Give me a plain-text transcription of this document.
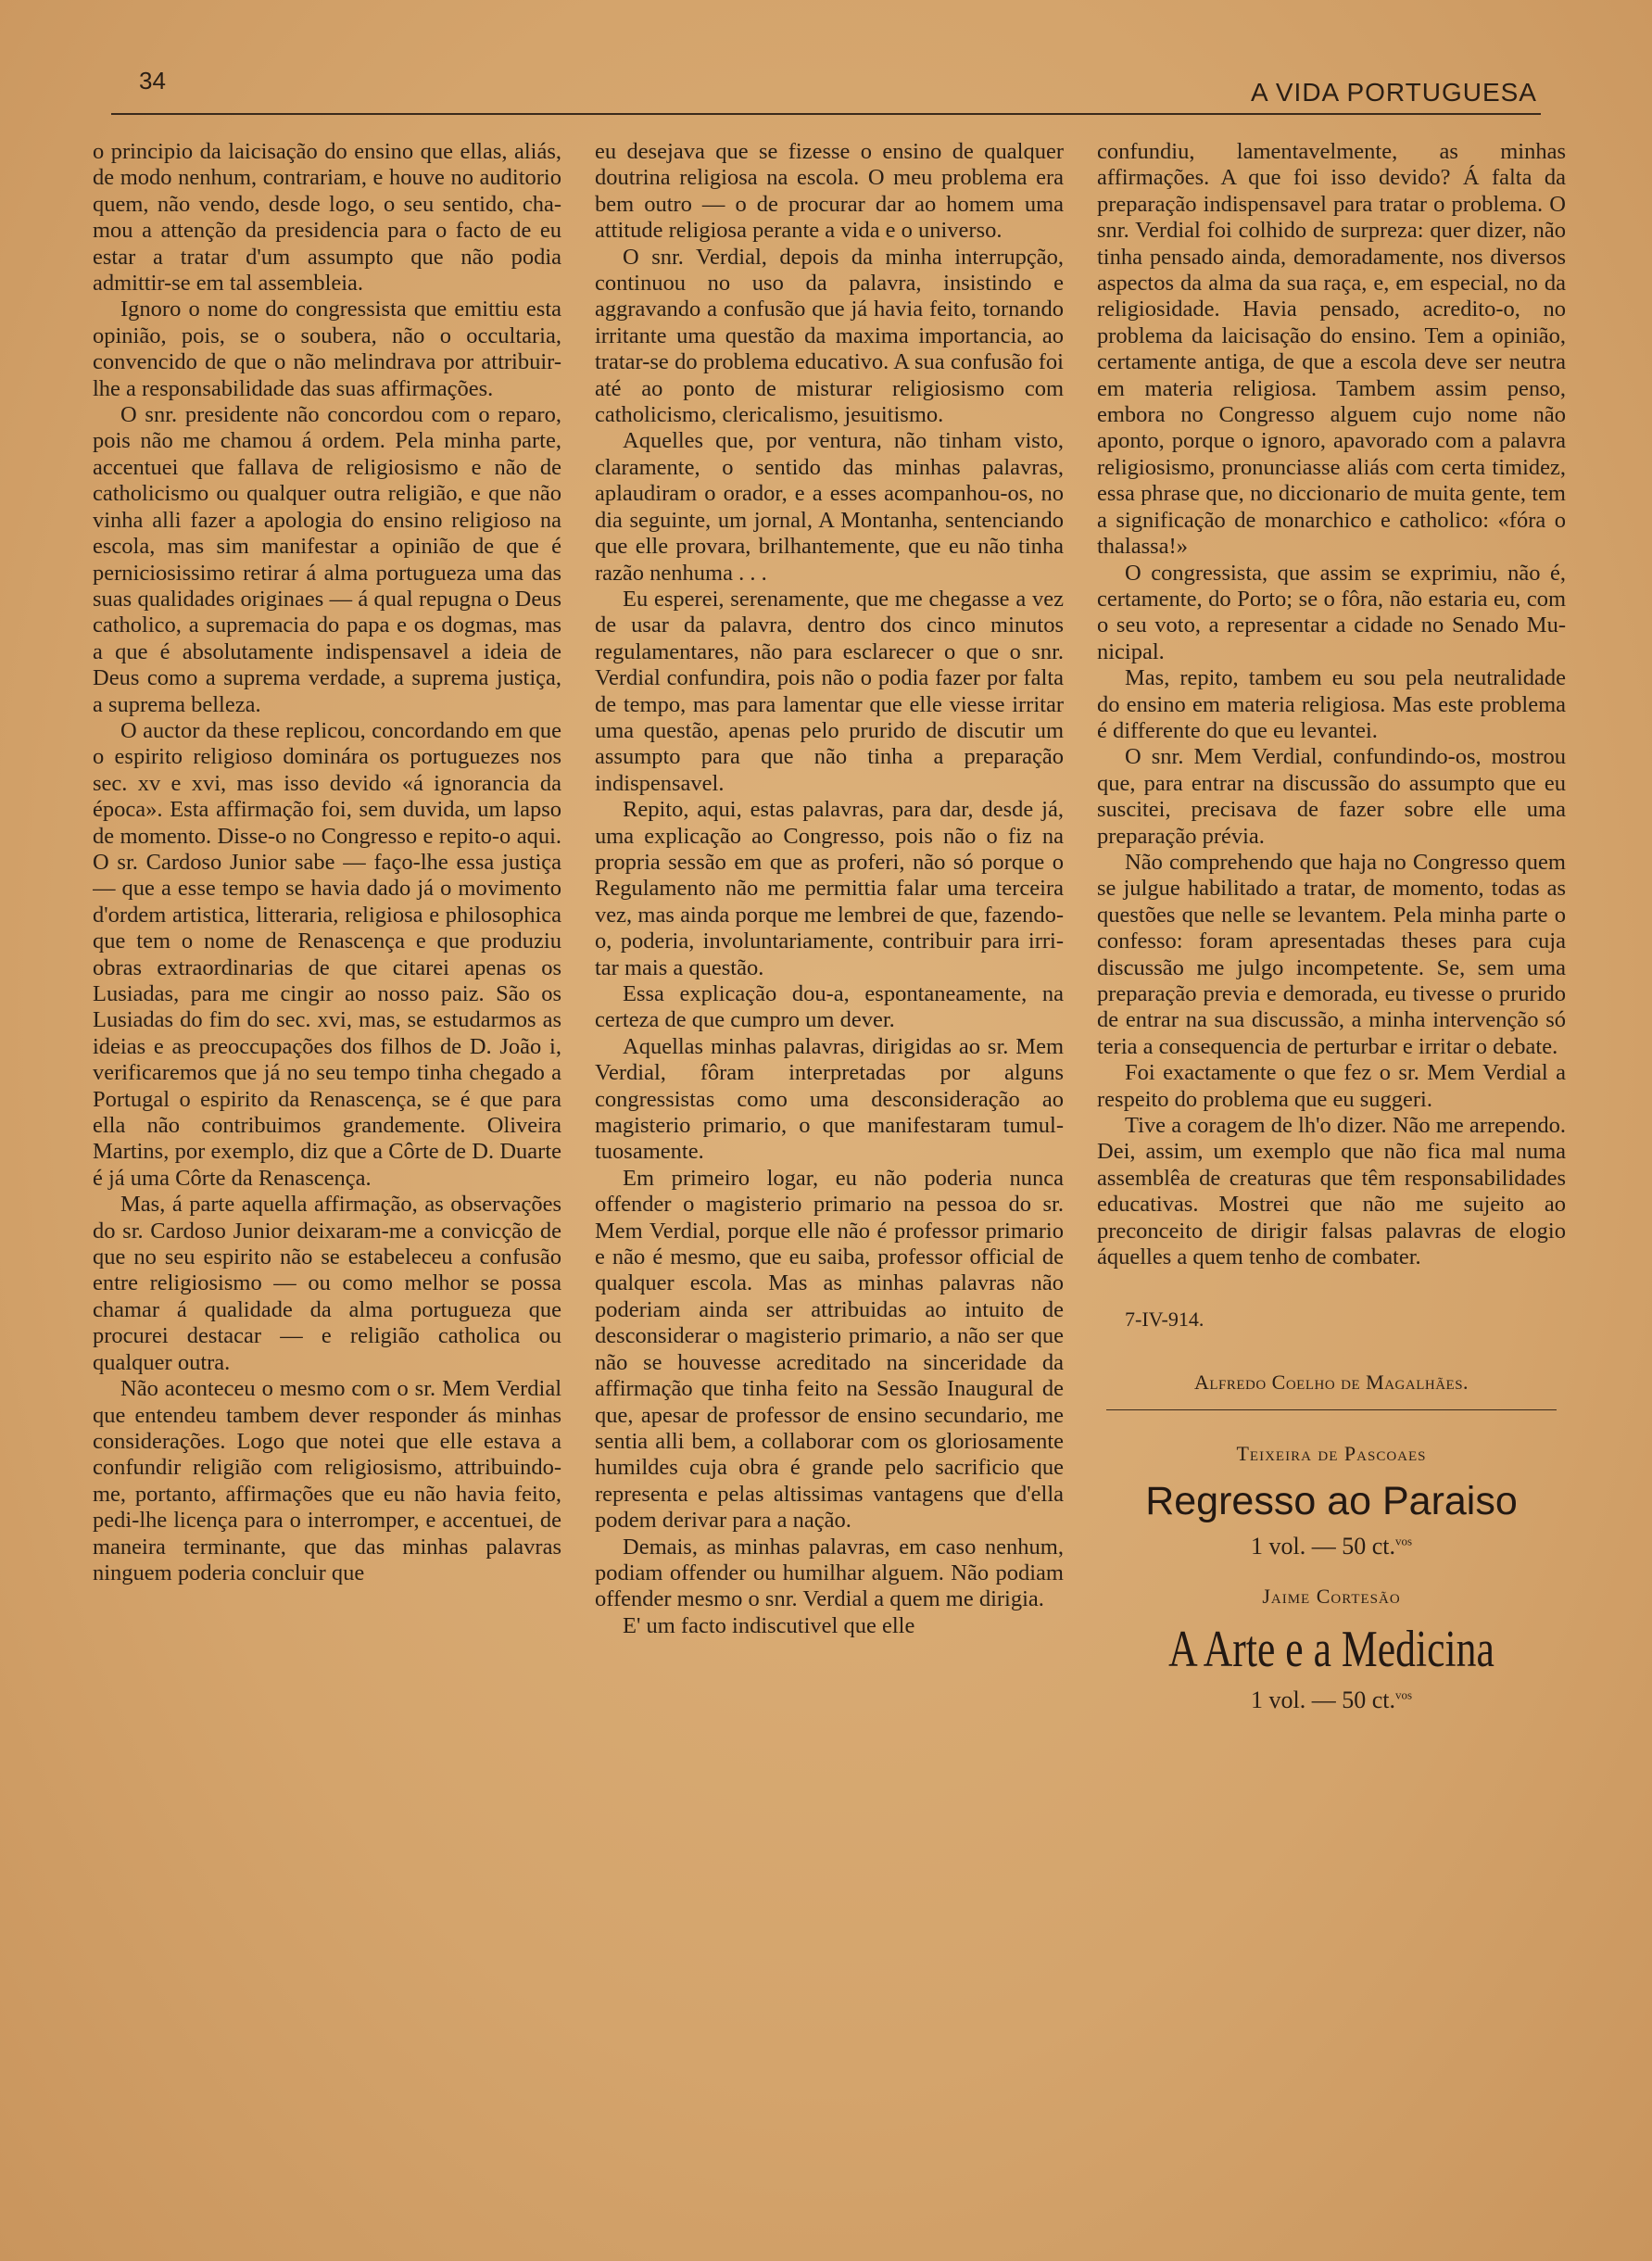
34	A VIDA PORTUGUESA

o principio da laicisação do ensino que ellas, aliás, de modo nenhum, contrariam, e houve no auditorio quem, não vendo, desde logo, o seu sentido, chamou a attenção da presidencia para o facto de eu estar a tratar d'um assumpto que não podia admittir-se em tal assembleia.

Ignoro o nome do congressista que emittiu esta opinião, pois, se o soubera, não o occultaria, convencido de que o não melindrava por attribuir-lhe a responsabilidade das suas affirmações.

O snr. presidente não concordou com o reparo, pois não me chamou á ordem. Pela minha parte, accentuei que fallava de religiosismo e não de catholicismo ou qualquer outra religião, e que não vinha alli fazer a apologia do ensino religioso na escola, mas sim manifestar a opinião de que é perniciosissimo retirar á alma portugueza uma das suas qualidades originaes — á qual repugna o Deus catholico, a supremacia do papa e os dogmas, mas a que é absolutamente indispensavel a ideia de Deus como a suprema verdade, a suprema justiça, a suprema belleza.

O auctor da these replicou, concordando em que o espirito religioso dominára os portuguezes nos sec. xv e xvi, mas isso devido «á ignorancia da época». Esta affirmação foi, sem duvida, um lapso de momento. Disse-o no Congresso e repito-o aqui. O sr. Cardoso Junior sabe — faço-lhe essa justiça — que a esse tempo se havia dado já o movimento d'ordem artistica, litteraria, religiosa e philosophica que tem o nome de Renascença e que produziu obras extraordinarias de que citarei apenas os Lusiadas, para me cingir ao nosso paiz. São os Lusiadas do fim do sec. xvi, mas, se estudarmos as ideias e as preoccupações dos filhos de D. João i, verificaremos que já no seu tempo tinha chegado a Portugal o espirito da Renascença, se é que para ella não contribuimos grandemente. Oliveira Martins, por exemplo, diz que a Côrte de D. Duarte é já uma Côrte da Renascença.

Mas, á parte aquella affirmação, as observações do sr. Cardoso Junior deixaram-me a convicção de que no seu espirito não se estabeleceu a confusão entre religiosismo — ou como melhor se possa chamar á qualidade da alma portugueza que procurei destacar — e religião catholica ou qualquer outra.

Não aconteceu o mesmo com o sr. Mem Verdial que entendeu tambem dever responder ás minhas considerações. Logo que notei que elle estava a confundir religião com religiosismo, attribuindo-me, portanto, affirmações que eu não havia feito, pedi-lhe licença para o interromper, e accentuei, de maneira terminante, que das minhas palavras ninguem poderia concluir que

eu desejava que se fizesse o ensino de qualquer doutrina religiosa na escola. O meu problema era bem outro — o de procurar dar ao homem uma attitude religiosa perante a vida e o universo.

O snr. Verdial, depois da minha interrupção, continuou no uso da palavra, insistindo e aggravando a confusão que já havia feito, tornando irritante uma questão da maxima importancia, ao tratar-se do problema educativo. A sua confusão foi até ao ponto de misturar religiosismo com catholicismo, clericalismo, jesuitismo.

Aquelles que, por ventura, não tinham visto, claramente, o sentido das minhas palavras, aplaudiram o orador, e a esses acompanhou-os, no dia seguinte, um jornal, A Montanha, sentenciando que elle provara, brilhantemente, que eu não tinha razão nenhuma . . .

Eu esperei, serenamente, que me chegasse a vez de usar da palavra, dentro dos cinco minutos regulamentares, não para esclarecer o que o snr. Verdial confundira, pois não o podia fazer por falta de tempo, mas para lamentar que elle viesse irritar uma questão, apenas pelo prurido de discutir um assumpto para que não tinha a preparação indispensavel.

Repito, aqui, estas palavras, para dar, desde já, uma explicação ao Congresso, pois não o fiz na propria sessão em que as proferi, não só porque o Regulamento não me permittia falar uma terceira vez, mas ainda porque me lembrei de que, fazendo-o, poderia, involuntariamente, contribuir para irritar mais a questão.

Essa explicação dou-a, espontaneamente, na certeza de que cumpro um dever.

Aquellas minhas palavras, dirigidas ao sr. Mem Verdial, fôram interpretadas por alguns congressistas como uma desconsideração ao magisterio primario, o que manifestaram tumultuosamente.

Em primeiro logar, eu não poderia nunca offender o magisterio primario na pessoa do sr. Mem Verdial, porque elle não é professor primario e não é mesmo, que eu saiba, professor official de qualquer escola. Mas as minhas palavras não poderiam ainda ser attribuidas ao intuito de desconsiderar o magisterio primario, a não ser que não se houvesse acreditado na sinceridade da affirmação que tinha feito na Sessão Inaugural de que, apesar de professor de ensino secundario, me sentia alli bem, a collaborar com os gloriosamente humildes cuja obra é grande pelo sacrificio que representa e pelas altissimas vantagens que d'ella podem derivar para a nação.

Demais, as minhas palavras, em caso nenhum, podiam offender ou humilhar alguem. Não podiam offender mesmo o snr. Verdial a quem me dirigia.

E' um facto indiscutivel que elle

confundiu, lamentavelmente, as minhas affirmações. A que foi isso devido? Á falta da preparação indispensavel para tratar o problema. O snr. Verdial foi colhido de surpreza: quer dizer, não tinha pensado ainda, demoradamente, nos diversos aspectos da alma da sua raça, e, em especial, no da religiosidade. Havia pensado, acredito-o, no problema da laicisação do ensino. Tem a opinião, certamente antiga, de que a escola deve ser neutra em materia religiosa. Tambem assim penso, embora no Congresso alguem cujo nome não aponto, porque o ignoro, apavorado com a palavra religiosismo, pronunciasse aliás com certa timidez, essa phrase que, no diccionario de muita gente, tem a significação de monarchico e catholico: «fóra o thalassa!»

O congressista, que assim se exprimiu, não é, certamente, do Porto; se o fôra, não estaria eu, com o seu voto, a representar a cidade no Senado Municipal.

Mas, repito, tambem eu sou pela neutralidade do ensino em materia religiosa. Mas este problema é differente do que eu levantei.

O snr. Mem Verdial, confundindo-os, mostrou que, para entrar na discussão do assumpto que eu suscitei, precisava de fazer sobre elle uma preparação prévia.

Não comprehendo que haja no Congresso quem se julgue habilitado a tratar, de momento, todas as questões que nelle se levantem. Pela minha parte o confesso: foram apresentadas theses para cuja discussão me julgo incompetente. Se, sem uma preparação previa e demorada, eu tivesse o prurido de entrar na sua discussão, a minha intervenção só teria a consequencia de perturbar e irritar o debate.

Foi exactamente o que fez o sr. Mem Verdial a respeito do problema que eu suggeri.

Tive a coragem de lh'o dizer. Não me arrependo. Dei, assim, um exemplo que não fica mal numa assemblêa de creaturas que têm responsabilidades educativas. Mostrei que não me sujeito ao preconceito de dirigir falsas palavras de elogio áquelles a quem tenho de combater.

7-IV-914.
Alfredo Coelho de Magalhães.
Teixeira de Pascoaes
Regresso ao Paraiso
1 vol. — 50 ct.$^{vos}$
Jaime Cortesão
A Arte e a Medicina
1 vol. — 50 ct.$^{vos}$
